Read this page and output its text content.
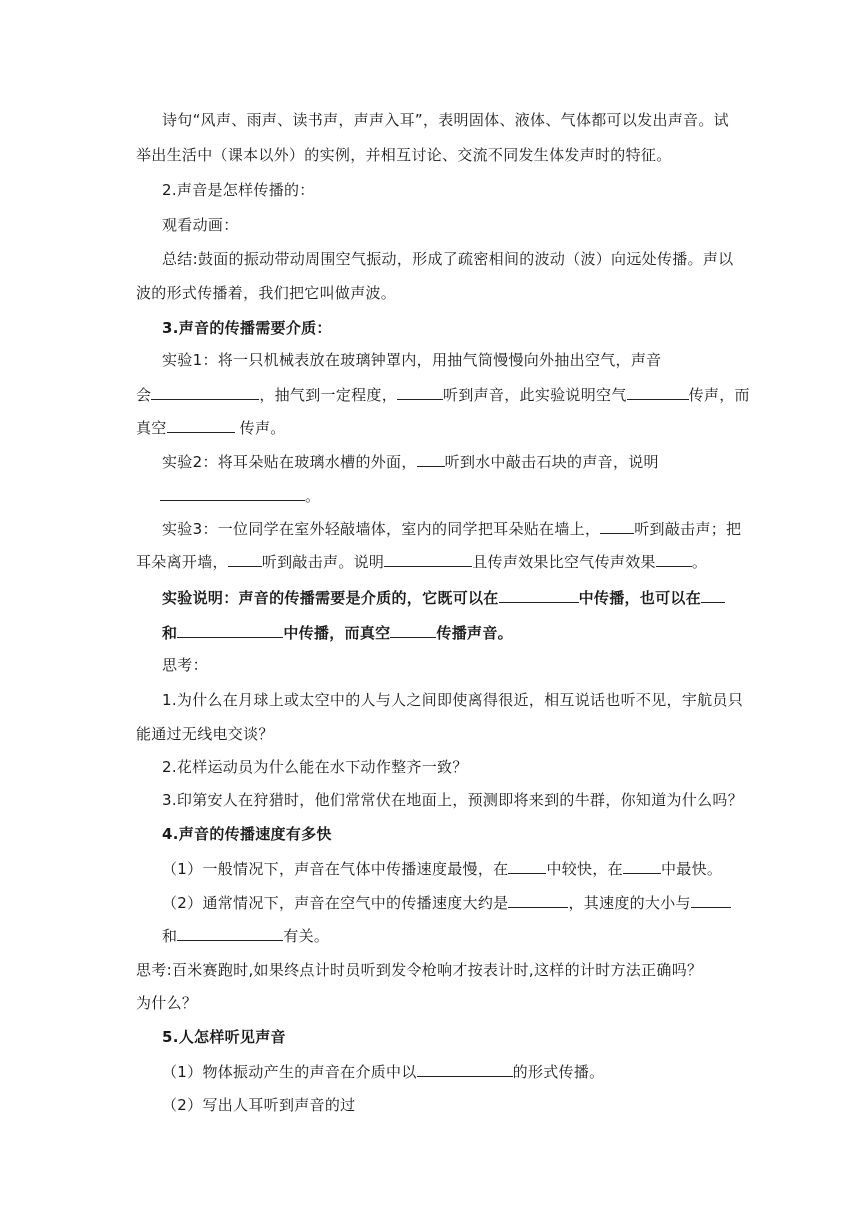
诗句“风声、雨声、读书声，声声入耳”，表明固体、液体、气体都可以发出声音。试
举出生活中（课本以外）的实例，并相互讨论、交流不同发生体发声时的特征。
2.声音是怎样传播的：
观看动画：
总结:鼓面的振动带动周围空气振动，形成了疏密相间的波动（波）向远处传播。声以
波的形式传播着，我们把它叫做声波。
3.声音的传播需要介质：
实验1：将一只机械表放在玻璃钟罩内，用抽气筒慢慢向外抽出空气，声音
会	，抽气到一定程度，	听到声音，此实验说明空气	传声，而
真空	传声。
实验2：将耳朵贴在玻璃水槽的外面， 听到水中敲击石块的声音，说明
。
实验3：一位同学在室外轻敲墙体，室内的同学把耳朵贴在墙上， 听到敲击声；把
耳朵离开墙， 听到敲击声。说明	且传声效果比空气传声效果 。
实验说明：声音的传播需要是介质的，它既可以在	中传播，也可以在
和	中传播，而真空	传播声音。
思考：
1.为什么在月球上或太空中的人与人之间即使离得很近，相互说话也听不见，宇航员只
能通过无线电交谈？
2.花样运动员为什么能在水下动作整齐一致？
3.印第安人在狩猎时，他们常常伏在地面上，预测即将来到的牛群，你知道为什么吗？
4.声音的传播速度有多快
（1）一般情况下，声音在气体中传播速度最慢，在	中较快，在	中最快。
（2）通常情况下，声音在空气中的传播速度大约是	，其速度的大小与
和	有关。
思考:百米赛跑时,如果终点计时员听到发令枪响才按表计时,这样的计时方法正确吗？
为什么？
5.人怎样听见声音
（1）物体振动产生的声音在介质中以	的形式传播。
（2）写出人耳听到声音的过
